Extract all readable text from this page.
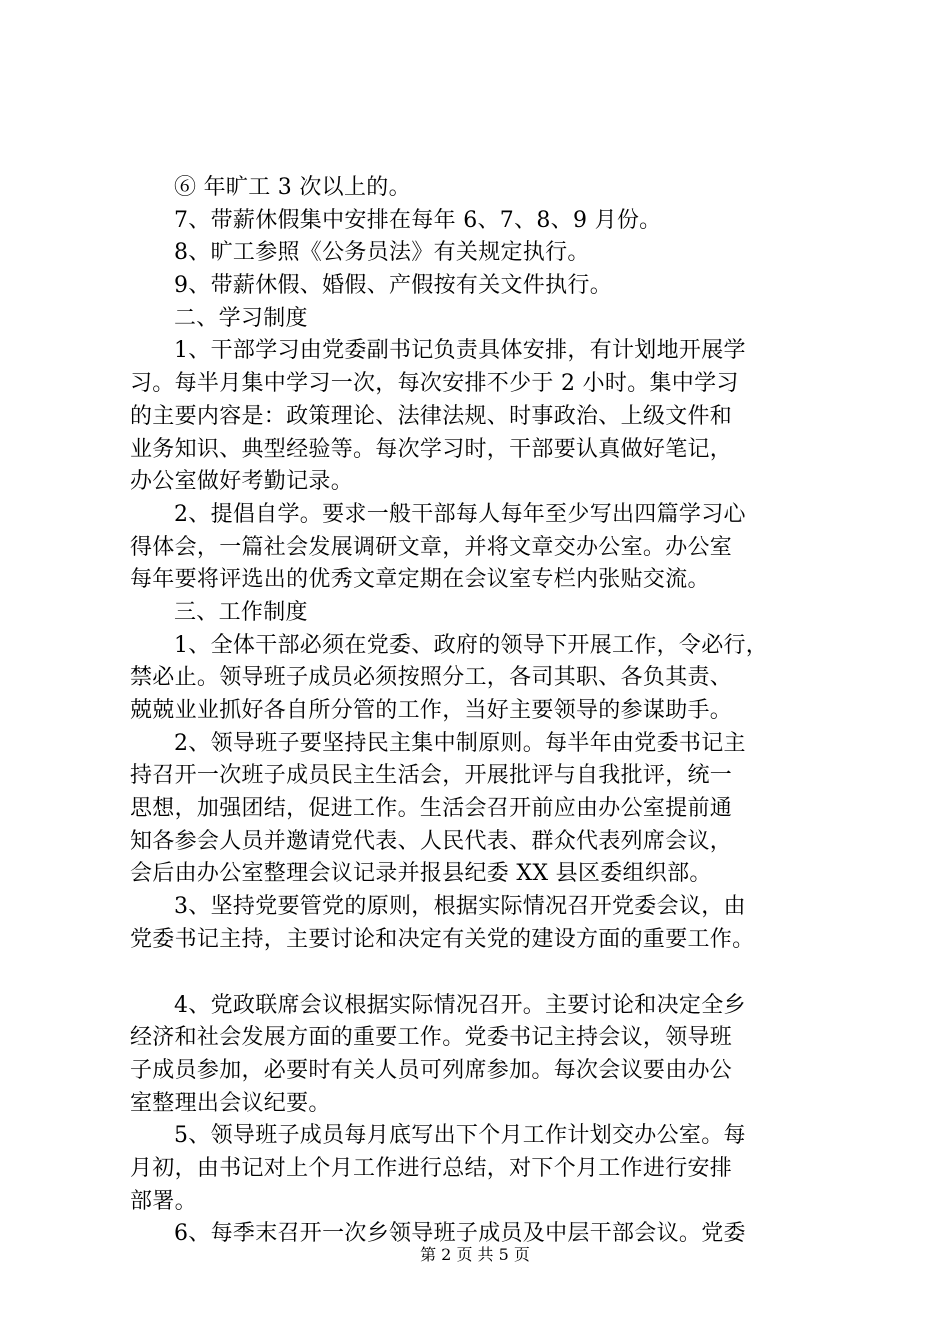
⑥ 年旷工 3 次以上的。
7、带薪休假集中安排在每年 6、7、8、9 月份。
8、旷工参照《公务员法》有关规定执行。
9、带薪休假、婚假、产假按有关文件执行。
二、学习制度
1、干部学习由党委副书记负责具体安排，有计划地开展学
习。每半月集中学习一次，每次安排不少于 2 小时。集中学习
的主要内容是：政策理论、法律法规、时事政治、上级文件和
业务知识、典型经验等。每次学习时，干部要认真做好笔记，
办公室做好考勤记录。
2、提倡自学。要求一般干部每人每年至少写出四篇学习心
得体会，一篇社会发展调研文章，并将文章交办公室。办公室
每年要将评选出的优秀文章定期在会议室专栏内张贴交流。
三、工作制度
1、全体干部必须在党委、政府的领导下开展工作，令必行，
禁必止。领导班子成员必须按照分工，各司其职、各负其责、
兢兢业业抓好各自所分管的工作，当好主要领导的参谋助手。
2、领导班子要坚持民主集中制原则。每半年由党委书记主
持召开一次班子成员民主生活会，开展批评与自我批评，统一
思想，加强团结，促进工作。生活会召开前应由办公室提前通
知各参会人员并邀请党代表、人民代表、群众代表列席会议，
会后由办公室整理会议记录并报县纪委 XX 县区委组织部。
3、坚持党要管党的原则，根据实际情况召开党委会议，由
党委书记主持，主要讨论和决定有关党的建设方面的重要工作。
4、党政联席会议根据实际情况召开。主要讨论和决定全乡
经济和社会发展方面的重要工作。党委书记主持会议，领导班
子成员参加，必要时有关人员可列席参加。每次会议要由办公
室整理出会议纪要。
5、领导班子成员每月底写出下个月工作计划交办公室。每
月初，由书记对上个月工作进行总结，对下个月工作进行安排
部署。
6、每季末召开一次乡领导班子成员及中层干部会议。党委
第 2 页 共 5 页
